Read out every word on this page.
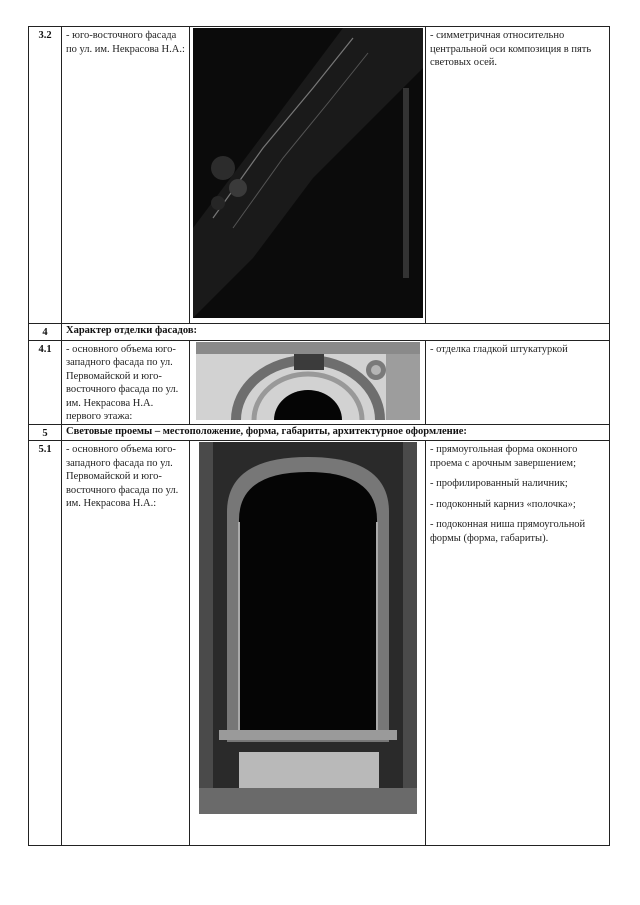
3.2	- юго-восточного фасада по ул. им. Некрасова Н.А.:		- симметричная относительно центральной оси композиция в пять световых осей.

4	Характер отделки фасадов:		
4.1	- основного объема юго-западного фасада по ул. Первомайской и юго-восточного фасада по ул. им. Некрасова Н.А. первого этажа:		- отделка гладкой штукатуркой

5	Световые проемы – местоположение, форма, габариты, архитектурное оформление:		
5.1	- основного объема юго-западного фасада по ул. Первомайской и юго-восточного фасада по ул. им. Некрасова Н.А.:		- прямоугольная форма оконного проема с арочным завершением;

- профилированный наличник;

- подоконный карниз «полочка»;

- подоконная ниша прямоугольной формы (форма, габариты).
